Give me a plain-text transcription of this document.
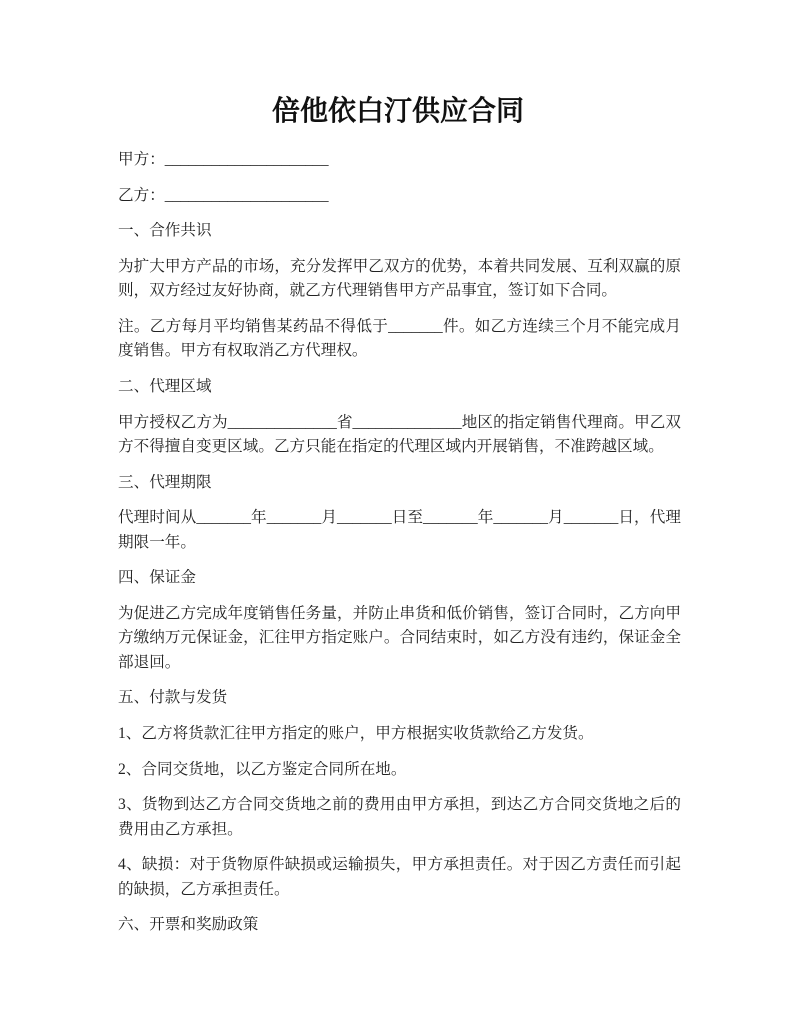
倍他依白汀供应合同

甲方：_____________________

乙方：_____________________

一、合作共识

为扩大甲方产品的市场，充分发挥甲乙双方的优势，本着共同发展、互利双赢的原则，双方经过友好协商，就乙方代理销售甲方产品事宜，签订如下合同。

注。乙方每月平均销售某药品不得低于_______件。如乙方连续三个月不能完成月度销售。甲方有权取消乙方代理权。

二、代理区域

甲方授权乙方为______________省______________地区的指定销售代理商。甲乙双方不得擅自变更区域。乙方只能在指定的代理区域内开展销售，不准跨越区域。

三、代理期限

代理时间从_______年_______月_______日至_______年_______月_______日，代理期限一年。

四、保证金

为促进乙方完成年度销售任务量，并防止串货和低价销售，签订合同时，乙方向甲方缴纳万元保证金，汇往甲方指定账户。合同结束时，如乙方没有违约，保证金全部退回。

五、付款与发货

1、乙方将货款汇往甲方指定的账户，甲方根据实收货款给乙方发货。

2、合同交货地，以乙方鉴定合同所在地。

3、货物到达乙方合同交货地之前的费用由甲方承担，到达乙方合同交货地之后的费用由乙方承担。

4、缺损：对于货物原件缺损或运输损失，甲方承担责任。对于因乙方责任而引起的缺损，乙方承担责任。

六、开票和奖励政策
